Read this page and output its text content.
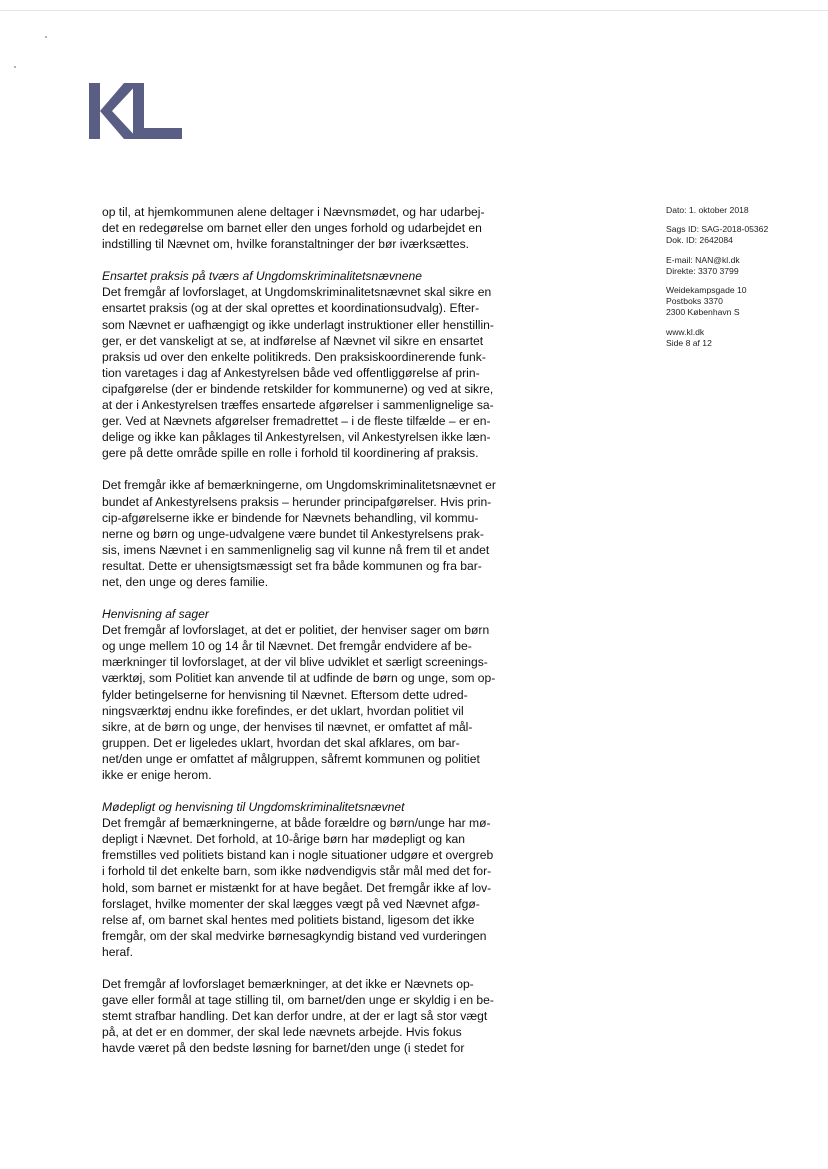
Dato: 1. oktober 2018
Sags ID: SAG-2018-05362
Dok. ID: 2642084
E-mail: NAN@kl.dk
Direkte: 3370 3799
Weidekampsgade 10
Postboks 3370
2300 København S
www.kl.dk
Side 8 af 12
op til, at hjemkommunen alene deltager i Nævnsmødet, og har udarbej-
det en redegørelse om barnet eller den unges forhold og udarbejdet en
indstilling til Nævnet om, hvilke foranstaltninger der bør iværksættes.
Ensartet praksis på tværs af Ungdomskriminalitetsnævnene
Det fremgår af lovforslaget, at Ungdomskriminalitetsnævnet skal sikre en
ensartet praksis (og at der skal oprettes et koordinationsudvalg). Efter-
som Nævnet er uafhængigt og ikke underlagt instruktioner eller henstillin-
ger, er det vanskeligt at se, at indførelse af Nævnet vil sikre en ensartet
praksis ud over den enkelte politikreds. Den praksiskoordinerende funk-
tion varetages i dag af Ankestyrelsen både ved offentliggørelse af prin-
cipafgørelse (der er bindende retskilder for kommunerne) og ved at sikre,
at der i Ankestyrelsen træffes ensartede afgørelser i sammenlignelige sa-
ger. Ved at Nævnets afgørelser fremadrettet – i de fleste tilfælde – er en-
delige og ikke kan påklages til Ankestyrelsen, vil Ankestyrelsen ikke læn-
gere på dette område spille en rolle i forhold til koordinering af praksis.
Det fremgår ikke af bemærkningerne, om Ungdomskriminalitetsnævnet er
bundet af Ankestyrelsens praksis – herunder principafgørelser. Hvis prin-
cip-afgørelserne ikke er bindende for Nævnets behandling, vil kommu-
nerne og børn og unge-udvalgene være bundet til Ankestyrelsens prak-
sis, imens Nævnet i en sammenlignelig sag vil kunne nå frem til et andet
resultat. Dette er uhensigtsmæssigt set fra både kommunen og fra bar-
net, den unge og deres familie.
Henvisning af sager
Det fremgår af lovforslaget, at det er politiet, der henviser sager om børn
og unge mellem 10 og 14 år til Nævnet. Det fremgår endvidere af be-
mærkninger til lovforslaget, at der vil blive udviklet et særligt screenings-
værktøj, som Politiet kan anvende til at udfinde de børn og unge, som op-
fylder betingelserne for henvisning til Nævnet. Eftersom dette udred-
ningsværktøj endnu ikke forefindes, er det uklart, hvordan politiet vil
sikre, at de børn og unge, der henvises til nævnet, er omfattet af mål-
gruppen. Det er ligeledes uklart, hvordan det skal afklares, om bar-
net/den unge er omfattet af målgruppen, såfremt kommunen og politiet
ikke er enige herom.
Mødepligt og henvisning til Ungdomskriminalitetsnævnet
Det fremgår af bemærkningerne, at både forældre og børn/unge har mø-
depligt i Nævnet. Det forhold, at 10-årige børn har mødepligt og kan
fremstilles ved politiets bistand kan i nogle situationer udgøre et overgreb
i forhold til det enkelte barn, som ikke nødvendigvis står mål med det for-
hold, som barnet er mistænkt for at have begået. Det fremgår ikke af lov-
forslaget, hvilke momenter der skal lægges vægt på ved Nævnet afgø-
relse af, om barnet skal hentes med politiets bistand, ligesom det ikke
fremgår, om der skal medvirke børnesagkyndig bistand ved vurderingen
heraf.
Det fremgår af lovforslaget bemærkninger, at det ikke er Nævnets op-
gave eller formål at tage stilling til, om barnet/den unge er skyldig i en be-
stemt strafbar handling. Det kan derfor undre, at der er lagt så stor vægt
på, at det er en dommer, der skal lede nævnets arbejde. Hvis fokus
havde været på den bedste løsning for barnet/den unge (i stedet for
